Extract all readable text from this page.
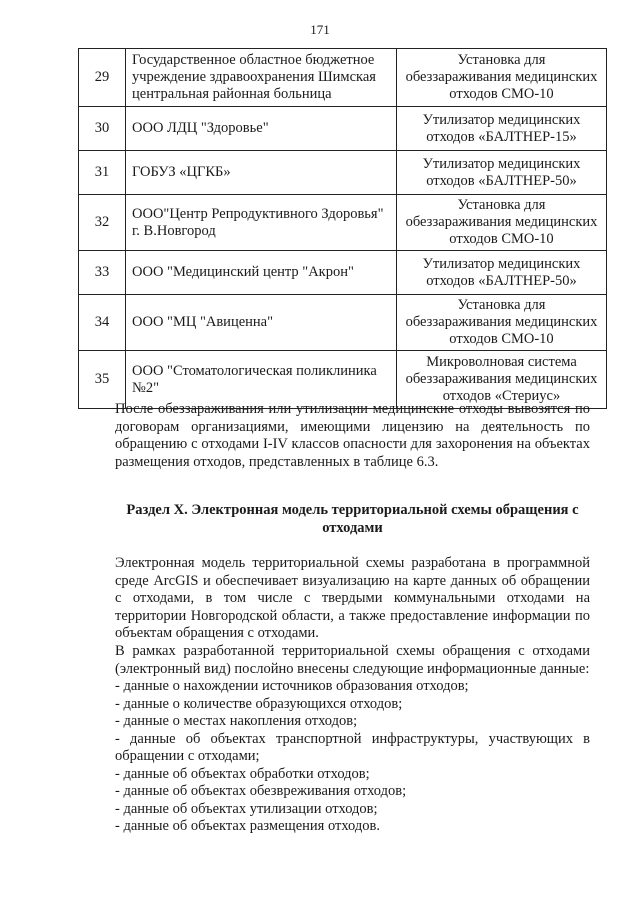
171
29	Государственное областное бюджетное учреждение здравоохранения Шимская центральная районная больница	Установка для обеззараживания медицинских отходов СМО-10
30	ООО ЛДЦ "Здоровье"	Утилизатор медицинских отходов «БАЛТНЕР-15»
31	ГОБУЗ «ЦГКБ»	Утилизатор медицинских отходов «БАЛТНЕР-50»
32	ООО"Центр Репродуктивного Здоровья" г. В.Новгород	Установка для обеззараживания медицинских отходов СМО-10
33	ООО "Медицинский центр "Акрон"	Утилизатор медицинских отходов «БАЛТНЕР-50»
34	ООО "МЦ "Авиценна"	Установка для обеззараживания медицинских отходов СМО-10
35	ООО "Стоматологическая поликлиника №2"	Микроволновая система обеззараживания медицинских отходов «Стериус»
После обеззараживания или утилизации медицинские отходы вывозятся по договорам организациями, имеющими лицензию на деятельность по обращению с отходами I-IV классов опасности для захоронения на объектах размещения отходов, представленных в таблице 6.3.
Раздел X. Электронная модель территориальной схемы обращения с отходами
Электронная модель территориальной схемы разработана в программной среде ArcGIS и обеспечивает визуализацию на карте данных об обращении с отходами, в том числе с твердыми коммунальными отходами на территории Новгородской области, а также предоставление информации по объектам обращения с отходами.
В рамках разработанной территориальной схемы обращения с отходами (электронный вид) послойно внесены следующие информационные данные:
- данные о нахождении источников образования отходов;
- данные о количестве образующихся отходов;
- данные о местах накопления отходов;
- данные об объектах транспортной инфраструктуры, участвующих в обращении с отходами;
- данные об объектах обработки отходов;
- данные об объектах обезвреживания отходов;
- данные об объектах утилизации отходов;
- данные об объектах размещения отходов.
